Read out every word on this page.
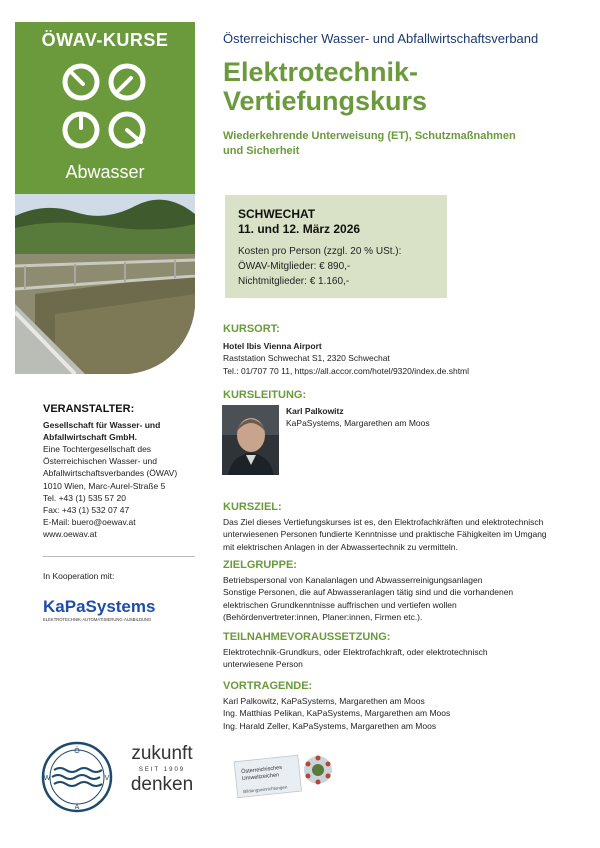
ÖWAV-KURSE
Abwasser
Österreichischer Wasser- und Abfallwirtschaftsverband
Elektrotechnik-
Vertiefungskurs
Wiederkehrende Unterweisung (ET), Schutzmaßnahmen
und Sicherheit
SCHWECHAT
11. und 12. März 2026
Kosten pro Person (zzgl. 20 % USt.):
ÖWAV-Mitglieder: € 890,-
Nichtmitglieder: € 1.160,-
KURSORT:
Hotel Ibis Vienna Airport
Raststation Schwechat S1, 2320 Schwechat
Tel.: 01/707 70 11, https://all.accor.com/hotel/9320/index.de.shtml
KURSLEITUNG:
Karl Palkowitz
KaPaSystems, Margarethen am Moos
KURSZIEL:
Das Ziel dieses Vertiefungskurses ist es, den Elektrofachkräften und elektrotechnisch
unterwiesenen Personen fundierte Kenntnisse und praktische Fähigkeiten im Umgang
mit elektrischen Anlagen in der Abwassertechnik zu vermitteln.
ZIELGRUPPE:
Betriebspersonal von Kanalanlagen und Abwasserreinigungsanlagen
Sonstige Personen, die auf Abwasseranlagen tätig sind und die vorhandenen
elektrischen Grundkenntnisse auffrischen und vertiefen wollen
(Behördenvertreter:innen, Planer:innen, Firmen etc.).
TEILNAHMEVORAUSSETZUNG:
Elektrotechnik-Grundkurs, oder Elektrofachkraft, oder elektrotechnisch
unterwiesene Person
VORTRAGENDE:
Karl Palkowitz, KaPaSystems, Margarethen am Moos
Ing. Matthias Pelikan, KaPaSystems, Margarethen am Moos
Ing. Harald Zeller, KaPaSystems, Margarethen am Moos
VERANSTALTER:
Gesellschaft für Wasser- und
Abfallwirtschaft GmbH.
Eine Tochtergesellschaft des
Österreichischen Wasser- und
Abfallwirtschaftsverbandes (ÖWAV)
1010 Wien, Marc-Aurel-Straße 5
Tel. +43 (1) 535 57 20
Fax: +43 (1) 532 07 47
E-Mail: buero@oewav.at
www.oewav.at
In Kooperation mit:
KaPaSystems
ELEKTROTECHNIK·AUTOMATISIERUNG·AUSBILDUNG
Ö
A
W	V
zukunft
SEIT 1909
denken
Österreichisches
Umweltzeichen
Bildungseinrichtungen
